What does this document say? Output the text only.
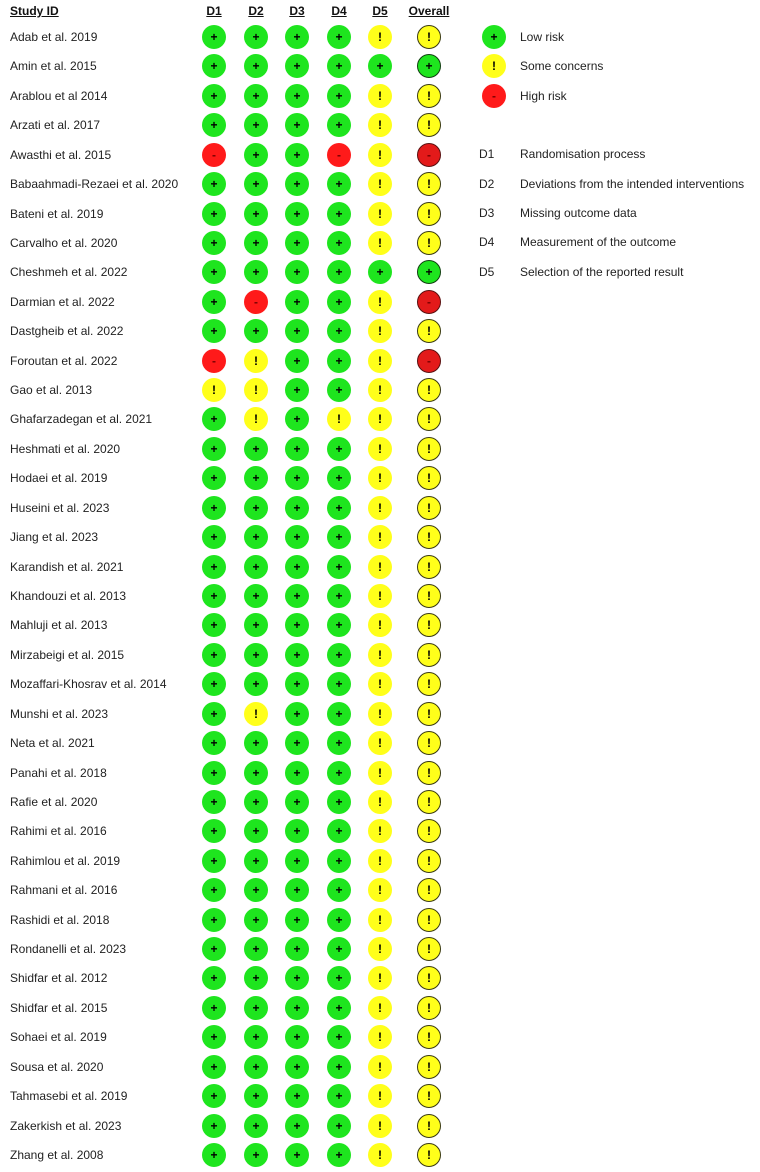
Study ID	D1 D2 D3 D4 D5 Overall
Adab et al. 2019	+	+	+	+	!	!
Amin et al. 2015	+	+	+	+	+	+
Arablou et al 2014	+	+	+	+	!	!
Arzati et al. 2017	+	+	+	+	!	!
Awasthi et al. 2015	-	+	+	-	!	-
Babaahmadi-Rezaei et al. 2020	+	+	+	+	!	!
Bateni et al. 2019	+	+	+	+	!	!
Carvalho et al. 2020	+	+	+	+	!	!
Cheshmeh et al. 2022	+	+	+	+	+	+
Darmian et al. 2022	+	-	+	+	!	-
Dastgheib et al. 2022	+	+	+	+	!	!
Foroutan et al. 2022	-	!	+	+	!	-
Gao et al. 2013	!	!	+	+	!	!
Ghafarzadegan et al. 2021	+	!	+	!	!	!
Heshmati et al. 2020	+	+	+	+	!	!
Hodaei et al. 2019	+	+	+	+	!	!
Huseini et al. 2023	+	+	+	+	!	!
Jiang et al. 2023	+	+	+	+	!	!
Karandish et al. 2021	+	+	+	+	!	!
Khandouzi et al. 2013	+	+	+	+	!	!
Mahluji et al. 2013	+	+	+	+	!	!
Mirzabeigi et al. 2015	+	+	+	+	!	!
Mozaffari-Khosrav et al. 2014	+	+	+	+	!	!
Munshi et al. 2023	+	!	+	+	!	!
Neta et al. 2021	+	+	+	+	!	!
Panahi et al. 2018	+	+	+	+	!	!
Rafie et al. 2020	+	+	+	+	!	!
Rahimi et al. 2016	+	+	+	+	!	!
Rahimlou et al. 2019	+	+	+	+	!	!
Rahmani et al. 2016	+	+	+	+	!	!
Rashidi et al. 2018	+	+	+	+	!	!
Rondanelli et al. 2023	+	+	+	+	!	!
Shidfar et al. 2012	+	+	+	+	!	!
Shidfar et al. 2015	+	+	+	+	!	!
Sohaei et al. 2019	+	+	+	+	!	!
Sousa et al. 2020	+	+	+	+	!	!
Tahmasebi et al. 2019	+	+	+	+	!	!
Zakerkish et al. 2023	+	+	+	+	!	!
Zhang et al. 2008	+	+	+	+	!	!
+	Low risk
!	Some concerns
-	High risk
D1 Randomisation process
D2 Deviations from the intended interventions
D3 Missing outcome data
D4 Measurement of the outcome
D5 Selection of the reported result
